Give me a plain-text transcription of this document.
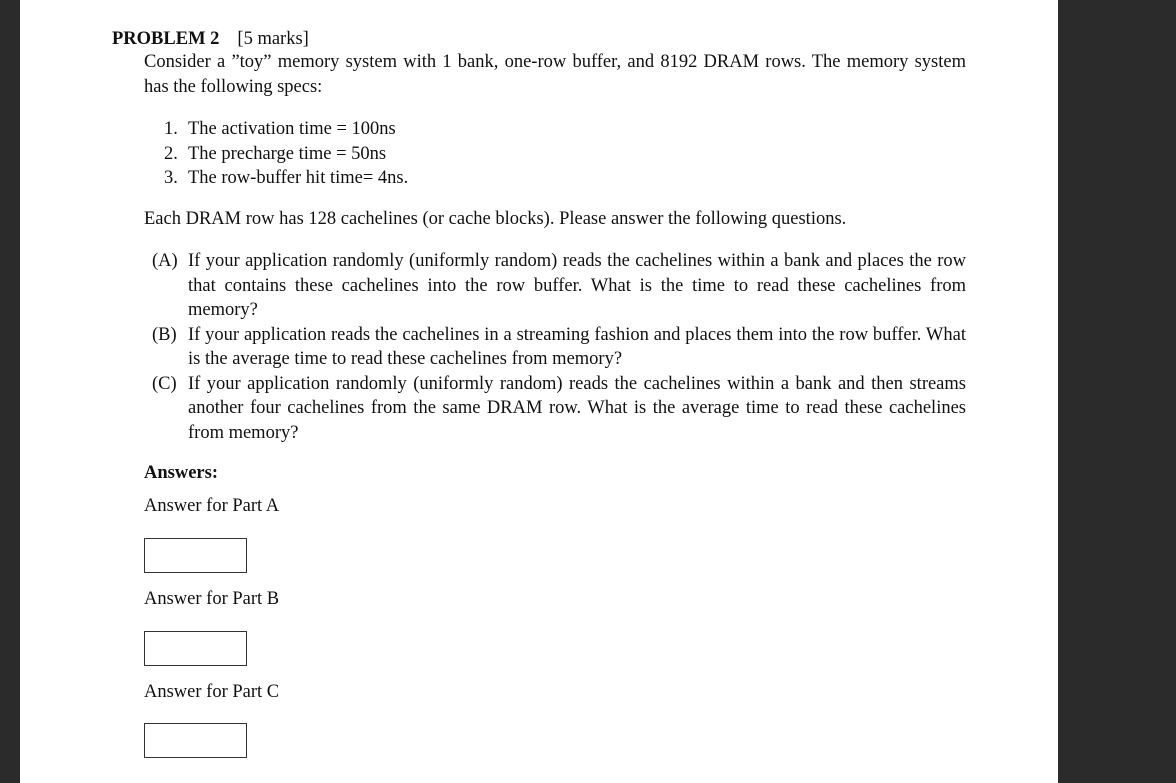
PROBLEM 2 [5 marks]
Consider a ”toy” memory system with 1 bank, one-row buffer, and 8192 DRAM rows. The memory system has the following specs:
1. The activation time = 100ns
2. The precharge time = 50ns
3. The row-buffer hit time= 4ns.
Each DRAM row has 128 cachelines (or cache blocks). Please answer the following questions.
(A) If your application randomly (uniformly random) reads the cachelines within a bank and places the row that contains these cachelines into the row buffer. What is the time to read these cachelines from memory?
(B) If your application reads the cachelines in a streaming fashion and places them into the row buffer. What is the average time to read these cachelines from memory?
(C) If your application randomly (uniformly random) reads the cachelines within a bank and then streams another four cachelines from the same DRAM row. What is the average time to read these cachelines from memory?
Answers:
Answer for Part A
Answer for Part B
Answer for Part C
